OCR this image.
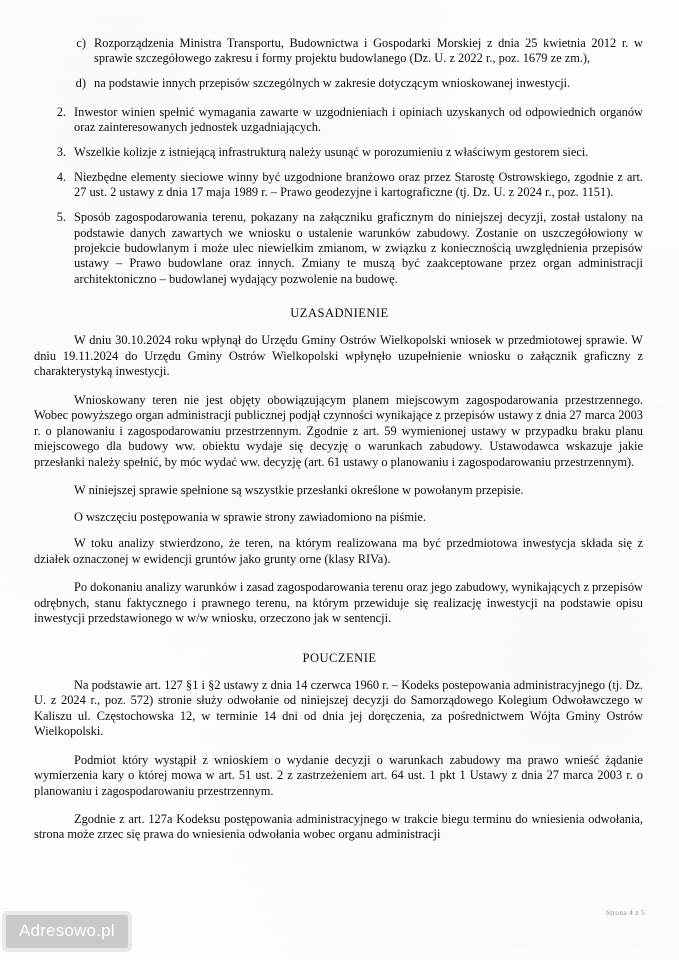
c) Rozporządzenia Ministra Transportu, Budownictwa i Gospodarki Morskiej z dnia 25 kwietnia 2012 r. w sprawie szczegółowego zakresu i formy projektu budowlanego (Dz. U. z 2022 r., poz. 1679 ze zm.),
d) na podstawie innych przepisów szczególnych w zakresie dotyczącym wnioskowanej inwestycji.
2. Inwestor winien spełnić wymagania zawarte w uzgodnieniach i opiniach uzyskanych od odpowiednich organów oraz zainteresowanych jednostek uzgadniających.
3. Wszelkie kolizje z istniejącą infrastrukturą należy usunąć w porozumieniu z właściwym gestorem sieci.
4. Niezbędne elementy sieciowe winny być uzgodnione branżowo oraz przez Starostę Ostrowskiego, zgodnie z art. 27 ust. 2 ustawy z dnia 17 maja 1989 r. – Prawo geodezyjne i kartograficzne (tj. Dz. U. z 2024 r., poz. 1151).
5. Sposób zagospodarowania terenu, pokazany na załączniku graficznym do niniejszej decyzji, został ustalony na podstawie danych zawartych we wniosku o ustalenie warunków zabudowy. Zostanie on uszczegółowiony w projekcie budowlanym i może ulec niewielkim zmianom, w związku z koniecznością uwzględnienia przepisów ustawy – Prawo budowlane oraz innych. Zmiany te muszą być zaakceptowane przez organ administracji architektoniczno – budowlanej wydający pozwolenie na budowę.
UZASADNIENIE

W dniu 30.10.2024 roku wpłynął do Urzędu Gminy Ostrów Wielkopolski wniosek w przedmiotowej sprawie. W dniu 19.11.2024 do Urzędu Gminy Ostrów Wielkopolski wpłynęło uzupełnienie wniosku o załącznik graficzny z charakterystyką inwestycji.

Wnioskowany teren nie jest objęty obowiązującym planem miejscowym zagospodarowania przestrzennego. Wobec powyższego organ administracji publicznej podjął czynności wynikające z przepisów ustawy z dnia 27 marca 2003 r. o planowaniu i zagospodarowaniu przestrzennym. Zgodnie z art. 59 wymienionej ustawy w przypadku braku planu miejscowego dla budowy ww. obiektu wydaje się decyzję o warunkach zabudowy. Ustawodawca wskazuje jakie przesłanki należy spełnić, by móc wydać ww. decyzję (art. 61 ustawy o planowaniu i zagospodarowaniu przestrzennym).

W niniejszej sprawie spełnione są wszystkie przesłanki określone w powołanym przepisie.

O wszczęciu postępowania w sprawie strony zawiadomiono na piśmie.

W toku analizy stwierdzono, że teren, na którym realizowana ma być przedmiotowa inwestycja składa się z działek oznaczonej w ewidencji gruntów jako grunty orne (klasy RIVa).

Po dokonaniu analizy warunków i zasad zagospodarowania terenu oraz jego zabudowy, wynikających z przepisów odrębnych, stanu faktycznego i prawnego terenu, na którym przewiduje się realizację inwestycji na podstawie opisu inwestycji przedstawionego w w/w wniosku, orzeczono jak w sentencji.

POUCZENIE

Na podstawie art. 127 §1 i §2 ustawy z dnia 14 czerwca 1960 r. – Kodeks postepowania administracyjnego (tj. Dz. U. z 2024 r., poz. 572) stronie służy odwołanie od niniejszej decyzji do Samorządowego Kolegium Odwoławczego w Kaliszu ul. Częstochowska 12, w terminie 14 dni od dnia jej doręczenia, za pośrednictwem Wójta Gminy Ostrów Wielkopolski.

Podmiot który wystąpił z wnioskiem o wydanie decyzji o warunkach zabudowy ma prawo wnieść żądanie wymierzenia kary o której mowa w art. 51 ust. 2 z zastrzeżeniem art. 64 ust. 1 pkt 1 Ustawy z dnia 27 marca 2003 r. o planowaniu i zagospodarowaniu przestrzennym.

Zgodnie z art. 127a Kodeksu postępowania administracyjnego w trakcie biegu terminu do wniesienia odwołania, strona może zrzec się prawa do wniesienia odwołania wobec organu administracji

Strona 4 z 5
Adresowo.pl
